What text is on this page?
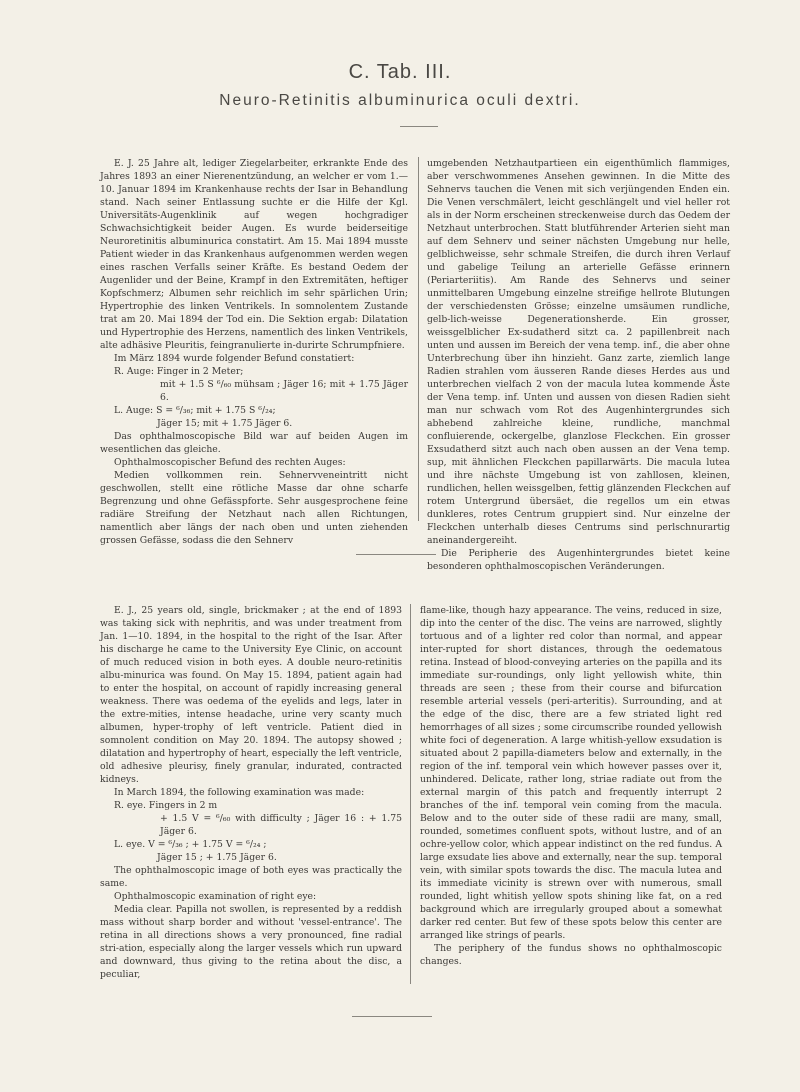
C. Tab. III.
Neuro-Retinitis albuminurica oculi dextri.

E. J. 25 Jahre alt, lediger Ziegelarbeiter, erkrankte Ende des Jahres 1893 an einer Nierenentzündung, an welcher er vom 1.—10. Januar 1894 im Krankenhause rechts der Isar in Behandlung stand. Nach seiner Entlassung suchte er die Hilfe der Kgl. Universitäts-Augenklinik auf wegen hochgradiger Schwachsichtigkeit beider Augen. Es wurde beiderseitige Neuroretinitis albuminurica constatirt. Am 15. Mai 1894 musste Patient wieder in das Krankenhaus aufgenommen werden wegen eines raschen Verfalls seiner Kräfte. Es bestand Oedem der Augenlider und der Beine, Krampf in den Extremitäten, heftiger Kopfschmerz; Albumen sehr reichlich im sehr spärlichen Urin; Hypertrophie des linken Ventrikels. In somnolentem Zustande trat am 20. Mai 1894 der Tod ein. Die Sektion ergab: Dilatation und Hypertrophie des Herzens, namentlich des linken Ventrikels, alte adhäsive Pleuritis, feingranulierte in-durirte Schrumpfniere.

Im März 1894 wurde folgender Befund constatiert:

R. Auge: Finger in 2 Meter;

mit + 1.5 S ⁶/₆₀ mühsam ; Jäger 16; mit + 1.75 Jäger 6.

L. Auge: S = ⁶/₃₆; mit + 1.75 S ⁶/₂₄;

Jäger 15; mit + 1.75 Jäger 6.

Das ophthalmoscopische Bild war auf beiden Augen im wesentlichen das gleiche.

Ophthalmoscopischer Befund des rechten Auges:

Medien vollkommen rein. Sehnervveneintritt nicht geschwollen, stellt eine rötliche Masse dar ohne scharfe Begrenzung und ohne Gefässpforte. Sehr ausgesprochene feine radiäre Streifung der Netzhaut nach allen Richtungen, namentlich aber längs der nach oben und unten ziehenden grossen Gefässe, sodass die den Sehnerv

umgebenden Netzhautpartieen ein eigenthümlich flammiges, aber verschwommenes Ansehen gewinnen. In die Mitte des Sehnervs tauchen die Venen mit sich verjüngenden Enden ein. Die Venen verschmälert, leicht geschlängelt und viel heller rot als in der Norm erscheinen streckenweise durch das Oedem der Netzhaut unterbrochen. Statt blutführender Arterien sieht man auf dem Sehnerv und seiner nächsten Umgebung nur helle, gelblichweisse, sehr schmale Streifen, die durch ihren Verlauf und gabelige Teilung an arterielle Gefässe erinnern (Periarteriitis). Am Rande des Sehnervs und seiner unmittelbaren Umgebung einzelne streifige hellrote Blutungen der verschiedensten Grösse; einzelne umsäumen rundliche, gelb-lich-weisse Degenerationsherde. Ein grosser, weissgelblicher Ex-sudatherd sitzt ca. 2 papillenbreit nach unten und aussen im Bereich der vena temp. inf., die aber ohne Unterbrechung über ihn hinzieht. Ganz zarte, ziemlich lange Radien strahlen vom äusseren Rande dieses Herdes aus und unterbrechen vielfach 2 von der macula lutea kommende Äste der Vena temp. inf. Unten und aussen von diesen Radien sieht man nur schwach vom Rot des Augenhintergrundes sich abhebend zahlreiche kleine, rundliche, manchmal confluierende, ockergelbe, glanzlose Fleckchen. Ein grosser Exsudatherd sitzt auch nach oben aussen an der Vena temp. sup, mit ähnlichen Fleckchen papillarwärts. Die macula lutea und ihre nächste Umgebung ist von zahllosen, kleinen, rundlichen, hellen weissgelben, fettig glänzenden Fleckchen auf rotem Untergrund übersäet, die regellos um ein etwas dunkleres, rotes Centrum gruppiert sind. Nur einzelne der Fleckchen unterhalb dieses Centrums sind perlschnurartig aneinandergereiht.

Die Peripherie des Augenhintergrundes bietet keine besonderen ophthalmoscopischen Veränderungen.

E. J., 25 years old, single, brickmaker ; at the end of 1893 was taking sick with nephritis, and was under treatment from Jan. 1—10. 1894, in the hospital to the right of the Isar. After his discharge he came to the University Eye Clinic, on account of much reduced vision in both eyes. A double neuro-retinitis albu-minurica was found. On May 15. 1894, patient again had to enter the hospital, on account of rapidly increasing general weakness. There was oedema of the eyelids and legs, later in the extre-mities, intense headache, urine very scanty much albumen, hyper-trophy of left ventricle. Patient died in somnolent condition on May 20. 1894. The autopsy showed ; dilatation and hypertrophy of heart, especially the left ventricle, old adhesive pleurisy, finely granular, indurated, contracted kidneys.

In March 1894, the following examination was made:

R. eye. Fingers in 2 m

+ 1.5 V = ⁶/₆₀ with difficulty ; Jäger 16 : + 1.75 Jäger 6.

L. eye. V = ⁶/₃₆ ; + 1.75 V = ⁶/₂₄ ;

Jäger 15 ; + 1.75 Jäger 6.

The ophthalmoscopic image of both eyes was practically the same.

Ophthalmoscopic examination of right eye:

Media clear. Papilla not swollen, is represented by a reddish mass without sharp border and without 'vessel-entrance'. The retina in all directions shows a very pronounced, fine radial stri-ation, especially along the larger vessels which run upward and downward, thus giving to the retina about the disc, a peculiar,

flame-like, though hazy appearance. The veins, reduced in size, dip into the center of the disc. The veins are narrowed, slightly tortuous and of a lighter red color than normal, and appear inter-rupted for short distances, through the oedematous retina. Instead of blood-conveying arteries on the papilla and its immediate sur-roundings, only light yellowish white, thin threads are seen ; these from their course and bifurcation resemble arterial vessels (peri-arteritis). Surrounding, and at the edge of the disc, there are a few striated light red hemorrhages of all sizes ; some circumscribe rounded yellowish white foci of degeneration. A large whitish-yellow exsudation is situated about 2 papilla-diameters below and externally, in the region of the inf. temporal vein which however passes over it, unhindered. Delicate, rather long, striae radiate out from the external margin of this patch and frequently interrupt 2 branches of the inf. temporal vein coming from the macula. Below and to the outer side of these radii are many, small, rounded, sometimes confluent spots, without lustre, and of an ochre-yellow color, which appear indistinct on the red fundus. A large exsudate lies above and externally, near the sup. temporal vein, with similar spots towards the disc. The macula lutea and its immediate vicinity is strewn over with numerous, small rounded, light whitish yellow spots shining like fat, on a red background which are irregularly grouped about a somewhat darker red center. But few of these spots below this center are arranged like strings of pearls.

The periphery of the fundus shows no ophthalmoscopic changes.
